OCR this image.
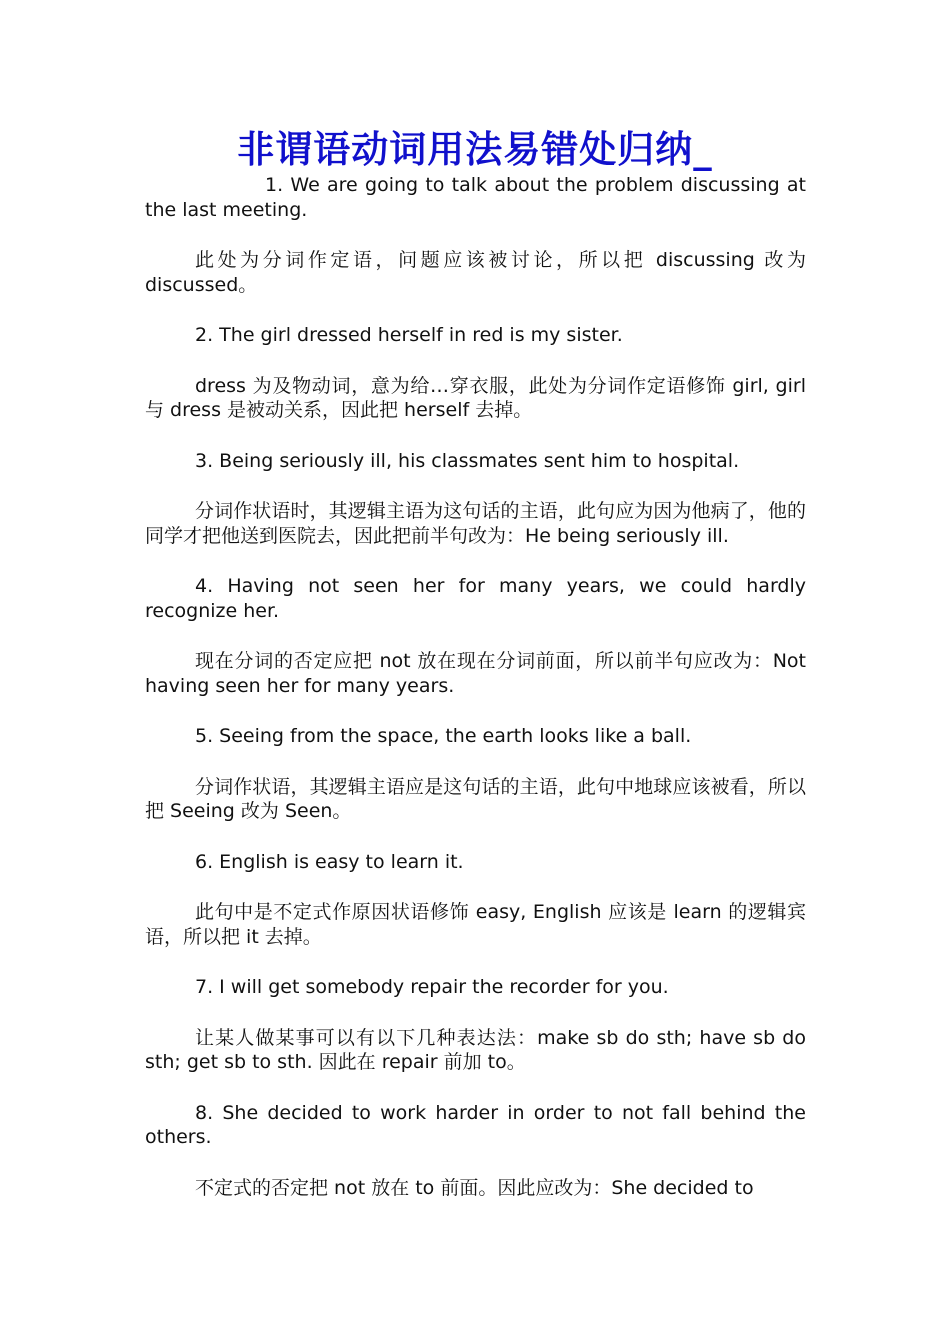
非谓语动词用法易错处归纳_

1. We are going to talk about the problem discussing at the last meeting.

此处为分词作定语，问题应该被讨论，所以把 discussing 改为 discussed。

2. The girl dressed herself in red is my sister.

dress 为及物动词，意为给…穿衣服，此处为分词作定语修饰 girl, girl 与 dress 是被动关系，因此把 herself 去掉。

3. Being seriously ill, his classmates sent him to hospital.

分词作状语时，其逻辑主语为这句话的主语，此句应为因为他病了，他的同学才把他送到医院去，因此把前半句改为：He being seriously ill.

4. Having not seen her for many years, we could hardly recognize her.

现在分词的否定应把 not 放在现在分词前面，所以前半句应改为：Not having seen her for many years.

5. Seeing from the space, the earth looks like a ball.

分词作状语，其逻辑主语应是这句话的主语，此句中地球应该被看，所以把 Seeing 改为 Seen。

6. English is easy to learn it.

此句中是不定式作原因状语修饰 easy, English 应该是 learn 的逻辑宾语，所以把 it 去掉。

7. I will get somebody repair the recorder for you.

让某人做某事可以有以下几种表达法：make sb do sth; have sb do sth; get sb to sth. 因此在 repair 前加 to。

8. She decided to work harder in order to not fall behind the others.

不定式的否定把 not 放在 to 前面。因此应改为：She decided to
